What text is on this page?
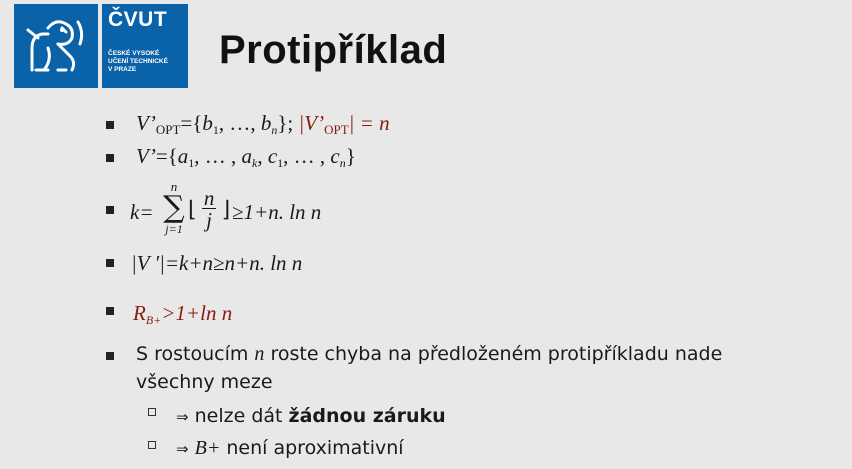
ČVUT
ČESKÉ VYSOKÉ
UČENÍ TECHNICKÉ
V PRAZE	Protipříklad
$V’_{OPT}=\{b1$, …, bn}; $|V’_{OPT}| = n$
V’={a1, … , ak, c1, … , cn}
k=
n
∑
j=1
⌊ $\frac{n}{j}$ ⌋ ≥1+n. ln n
|V ′|=k+n≥n+n. ln n
RB+>1+ln n
S rostoucím n roste chyba na předloženém protipříkladu nade
všechny meze
⇒ nelze dát žádnou záruku
⇒ B+ není aproximativní
